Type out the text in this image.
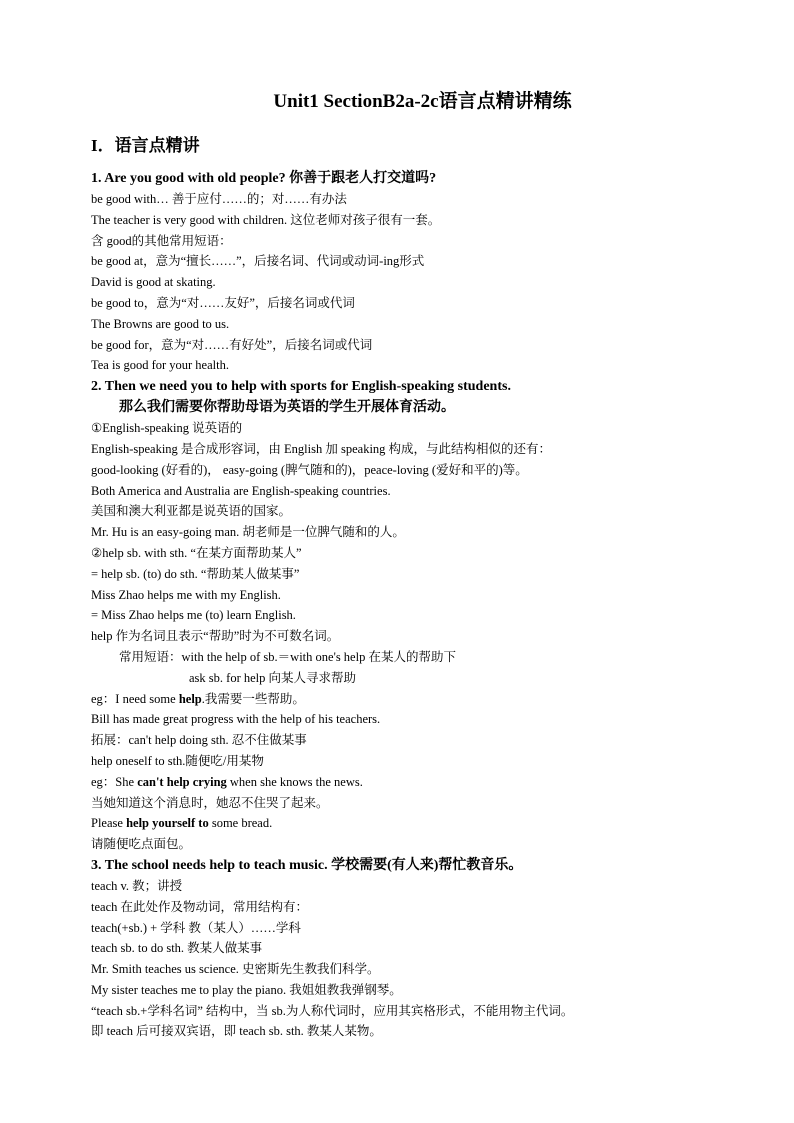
Unit1 SectionB2a-2c语言点精讲精练
I．语言点精讲
1. Are you good with old people? 你善于跟老人打交道吗?
be good with… 善于应付……的；对……有办法
The teacher is very good with children. 这位老师对孩子很有一套。
含 good的其他常用短语：
be good at，意为“擅长……”，后接名词、代词或动词-ing形式
David is good at skating.
be good to，意为“对……友好”，后接名词或代词
The Browns are good to us.
be good for，意为“对……有好处”，后接名词或代词
Tea is good for your health.
2. Then we need you to help with sports for English-speaking students.
那么我们需要你帮助母语为英语的学生开展体育活动。
①English-speaking 说英语的
English-speaking 是合成形容词，由 English 加 speaking 构成，与此结构相似的还有：
good-looking (好看的)， easy-going (脾气随和的)，peace-loving (爱好和平的)等。
Both America and Australia are English-speaking countries.
美国和澳大利亚都是说英语的国家。
Mr. Hu is an easy-going man. 胡老师是一位脾气随和的人。
②help sb. with sth. “在某方面帮助某人”
= help sb. (to) do sth. “帮助某人做某事”
Miss Zhao helps me with my English.
= Miss Zhao helps me (to) learn English.
help 作为名词且表示“帮助”时为不可数名词。
常用短语：with the help of sb.＝with one's help 在某人的帮助下
ask sb. for help 向某人寻求帮助
eg：I need some help.我需要一些帮助。
Bill has made great progress with the help of his teachers.
拓展：can't help doing sth. 忍不住做某事
help oneself to sth.随便吃/用某物
eg：She can't help crying when she knows the news.
当她知道这个消息时，她忍不住哭了起来。
Please help yourself to some bread.
请随便吃点面包。
3. The school needs help to teach music. 学校需要(有人来)帮忙教音乐。
teach v. 教；讲授
teach 在此处作及物动词，常用结构有：
teach(+sb.) + 学科 教（某人）……学科
teach sb. to do sth. 教某人做某事
Mr. Smith teaches us science. 史密斯先生教我们科学。
My sister teaches me to play the piano. 我姐姐教我弹钢琴。
“teach sb.+学科名词” 结构中，当 sb.为人称代词时，应用其宾格形式，不能用物主代词。
即 teach 后可接双宾语，即 teach sb. sth. 教某人某物。
